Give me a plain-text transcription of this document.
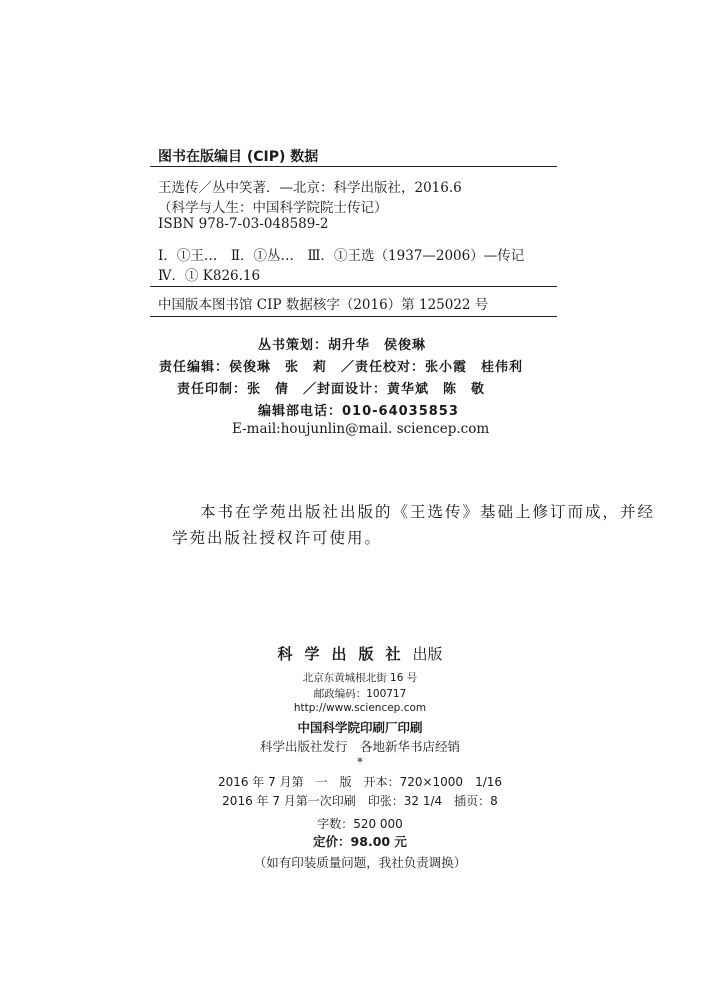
图书在版编目 (CIP) 数据
王选传／丛中笑著．—北京：科学出版社，2016.6
（科学与人生：中国科学院院士传记）
ISBN 978-7-03-048589-2
Ⅰ．①王…　Ⅱ．①丛…　Ⅲ．①王选（1937—2006）—传记
Ⅳ．① K826.16
中国版本图书馆 CIP 数据核字（2016）第 125022 号
丛书策划：胡升华　侯俊琳
责任编辑：侯俊琳　张　莉　／责任校对：张小霞　桂伟利
责任印制：张　倩　／封面设计：黄华斌　陈　敬
编辑部电话：010-64035853
E-mail:houjunlin@mail. sciencep.com
本书在学苑出版社出版的《王选传》基础上修订而成，并经
学苑出版社授权许可使用。
科学出版社出版
北京东黄城根北街 16 号
邮政编码：100717
http://www.sciencep.com
中国科学院印刷厂印刷
科学出版社发行　各地新华书店经销
*
2016 年 7 月第　一　版　开本：720×1000　1/16
2016 年 7 月第一次印刷　印张：32 1/4　插页：8
字数：520 000
定价：98.00 元
（如有印装质量问题，我社负责调换）
